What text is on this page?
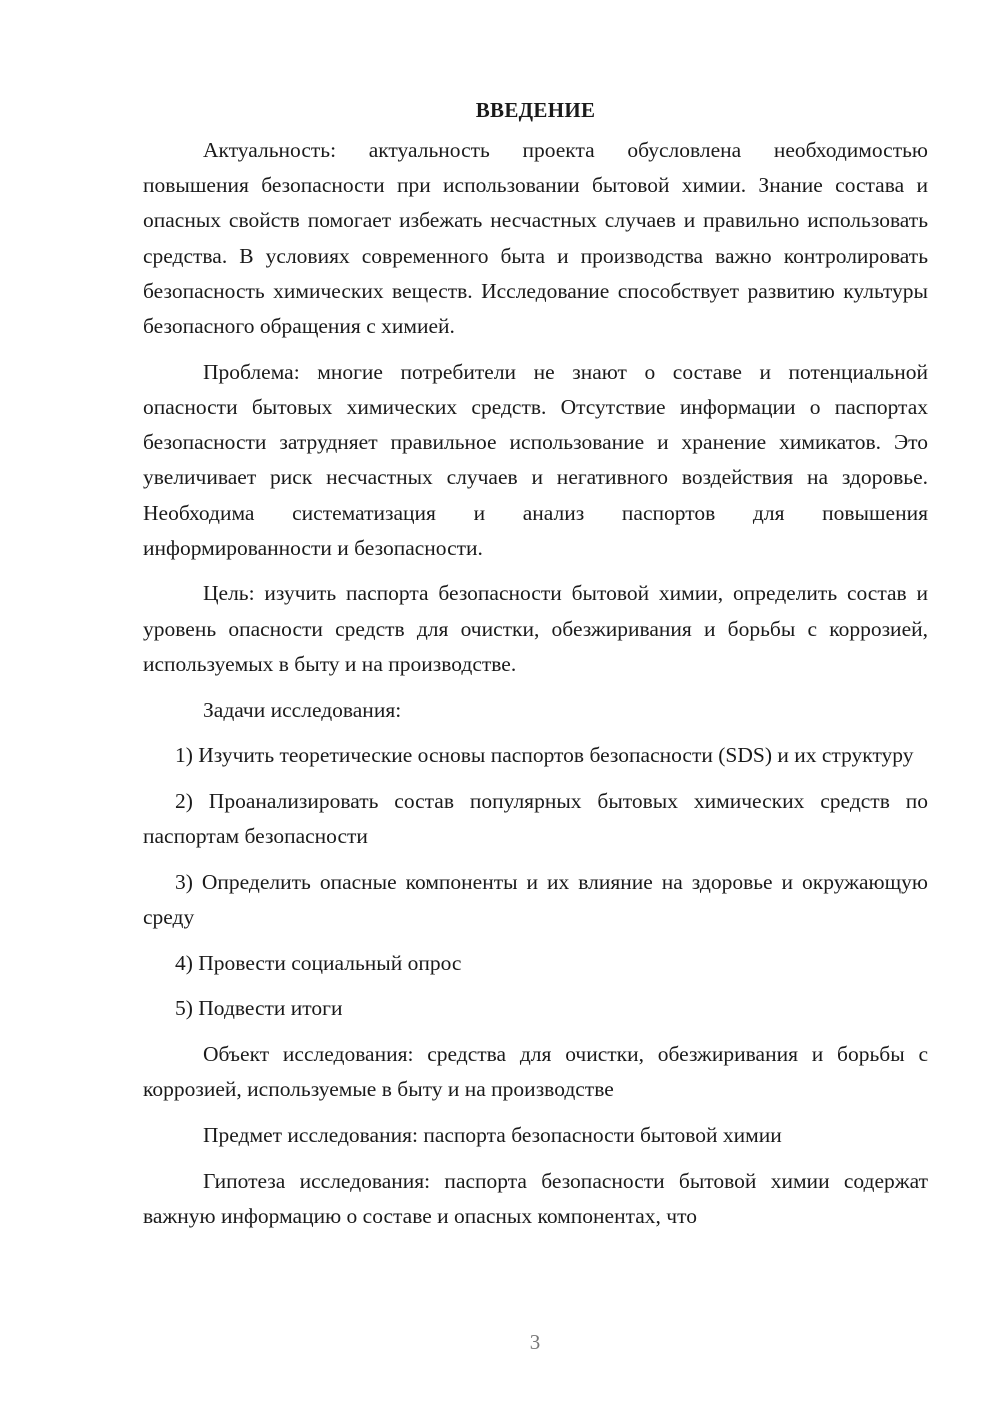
ВВЕДЕНИЕ

Актуальность: актуальность проекта обусловлена необходимостью повышения безопасности при использовании бытовой химии. Знание состава и опасных свойств помогает избежать несчастных случаев и правильно использовать средства. В условиях современного быта и производства важно контролировать безопасность химических веществ. Исследование способствует развитию культуры безопасного обращения с химией.

Проблема: многие потребители не знают о составе и потенциальной опасности бытовых химических средств. Отсутствие информации о паспортах безопасности затрудняет правильное использование и хранение химикатов. Это увеличивает риск несчастных случаев и негативного воздействия на здоровье. Необходима систематизация и анализ паспортов для повышения информированности и безопасности.

Цель: изучить паспорта безопасности бытовой химии, определить состав и уровень опасности средств для очистки, обезжиривания и борьбы с коррозией, используемых в быту и на производстве.

Задачи исследования:

1) Изучить теоретические основы паспортов безопасности (SDS) и их структуру

2) Проанализировать состав популярных бытовых химических средств по паспортам безопасности

3) Определить опасные компоненты и их влияние на здоровье и окружающую среду

4) Провести социальный опрос

5) Подвести итоги

Объект исследования: средства для очистки, обезжиривания и борьбы с коррозией, используемые в быту и на производстве

Предмет исследования: паспорта безопасности бытовой химии

Гипотеза исследования: паспорта безопасности бытовой химии содержат важную информацию о составе и опасных компонентах, что

3
